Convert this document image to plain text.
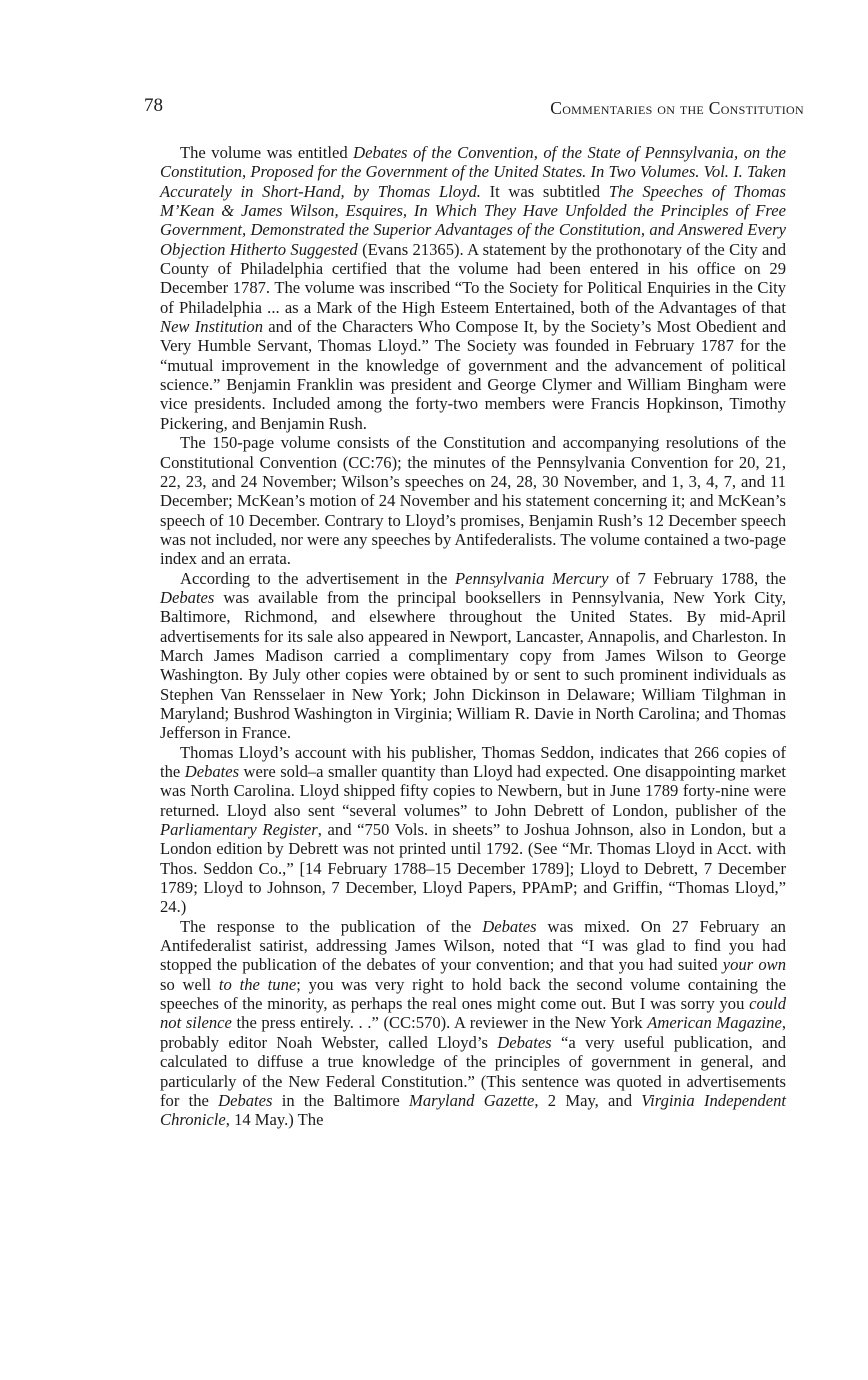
78	Commentaries on the Constitution

The volume was entitled Debates of the Convention, of the State of Pennsylvania, on the Constitution, Proposed for the Government of the United States. In Two Volumes. Vol. I. Taken Accurately in Short-Hand, by Thomas Lloyd. It was subtitled The Speeches of Thomas M’Kean & James Wilson, Esquires, In Which They Have Unfolded the Principles of Free Government, Demonstrated the Superior Advantages of the Constitution, and Answered Every Objection Hitherto Suggested (Evans 21365). A statement by the prothonotary of the City and County of Philadelphia certified that the volume had been entered in his office on 29 December 1787. The volume was inscribed “To the Society for Political Enquiries in the City of Philadelphia ... as a Mark of the High Esteem Entertained, both of the Advantages of that New Institution and of the Characters Who Compose It, by the Society’s Most Obedient and Very Humble Servant, Thomas Lloyd.” The Society was founded in February 1787 for the “mutual improvement in the knowledge of government and the advancement of political science.” Benjamin Franklin was president and George Clymer and William Bingham were vice presidents. Included among the forty-two members were Francis Hopkinson, Timothy Pickering, and Benjamin Rush.

The 150-page volume consists of the Constitution and accompanying resolutions of the Constitutional Convention (CC:76); the minutes of the Pennsylvania Convention for 20, 21, 22, 23, and 24 November; Wilson’s speeches on 24, 28, 30 November, and 1, 3, 4, 7, and 11 December; McKean’s motion of 24 November and his statement concerning it; and McKean’s speech of 10 December. Contrary to Lloyd’s promises, Benjamin Rush’s 12 December speech was not included, nor were any speeches by Antifederalists. The volume contained a two-page index and an errata.

According to the advertisement in the Pennsylvania Mercury of 7 February 1788, the Debates was available from the principal booksellers in Pennsylvania, New York City, Baltimore, Richmond, and elsewhere throughout the United States. By mid-April advertisements for its sale also appeared in Newport, Lancaster, Annapolis, and Charleston. In March James Madison carried a complimentary copy from James Wilson to George Washington. By July other copies were obtained by or sent to such prominent individuals as Stephen Van Rensselaer in New York; John Dickinson in Delaware; William Tilghman in Maryland; Bushrod Washington in Virginia; William R. Davie in North Carolina; and Thomas Jefferson in France.

Thomas Lloyd’s account with his publisher, Thomas Seddon, indicates that 266 copies of the Debates were sold–a smaller quantity than Lloyd had expected. One disappointing market was North Carolina. Lloyd shipped fifty copies to Newbern, but in June 1789 forty-nine were returned. Lloyd also sent “several volumes” to John Debrett of London, publisher of the Parliamentary Register, and “750 Vols. in sheets” to Joshua Johnson, also in London, but a London edition by Debrett was not printed until 1792. (See “Mr. Thomas Lloyd in Acct. with Thos. Seddon Co.,” [14 February 1788–15 December 1789]; Lloyd to Debrett, 7 December 1789; Lloyd to Johnson, 7 December, Lloyd Papers, PPAmP; and Griffin, “Thomas Lloyd,” 24.)

The response to the publication of the Debates was mixed. On 27 February an Antifederalist satirist, addressing James Wilson, noted that “I was glad to find you had stopped the publication of the debates of your convention; and that you had suited your own so well to the tune; you was very right to hold back the second volume containing the speeches of the minority, as perhaps the real ones might come out. But I was sorry you could not silence the press entirely. . .” (CC:570). A reviewer in the New York American Magazine, probably editor Noah Webster, called Lloyd’s Debates “a very useful publication, and calculated to diffuse a true knowledge of the principles of government in general, and particularly of the New Federal Constitution.” (This sentence was quoted in advertisements for the Debates in the Baltimore Maryland Gazette, 2 May, and Virginia Independent Chronicle, 14 May.) The
